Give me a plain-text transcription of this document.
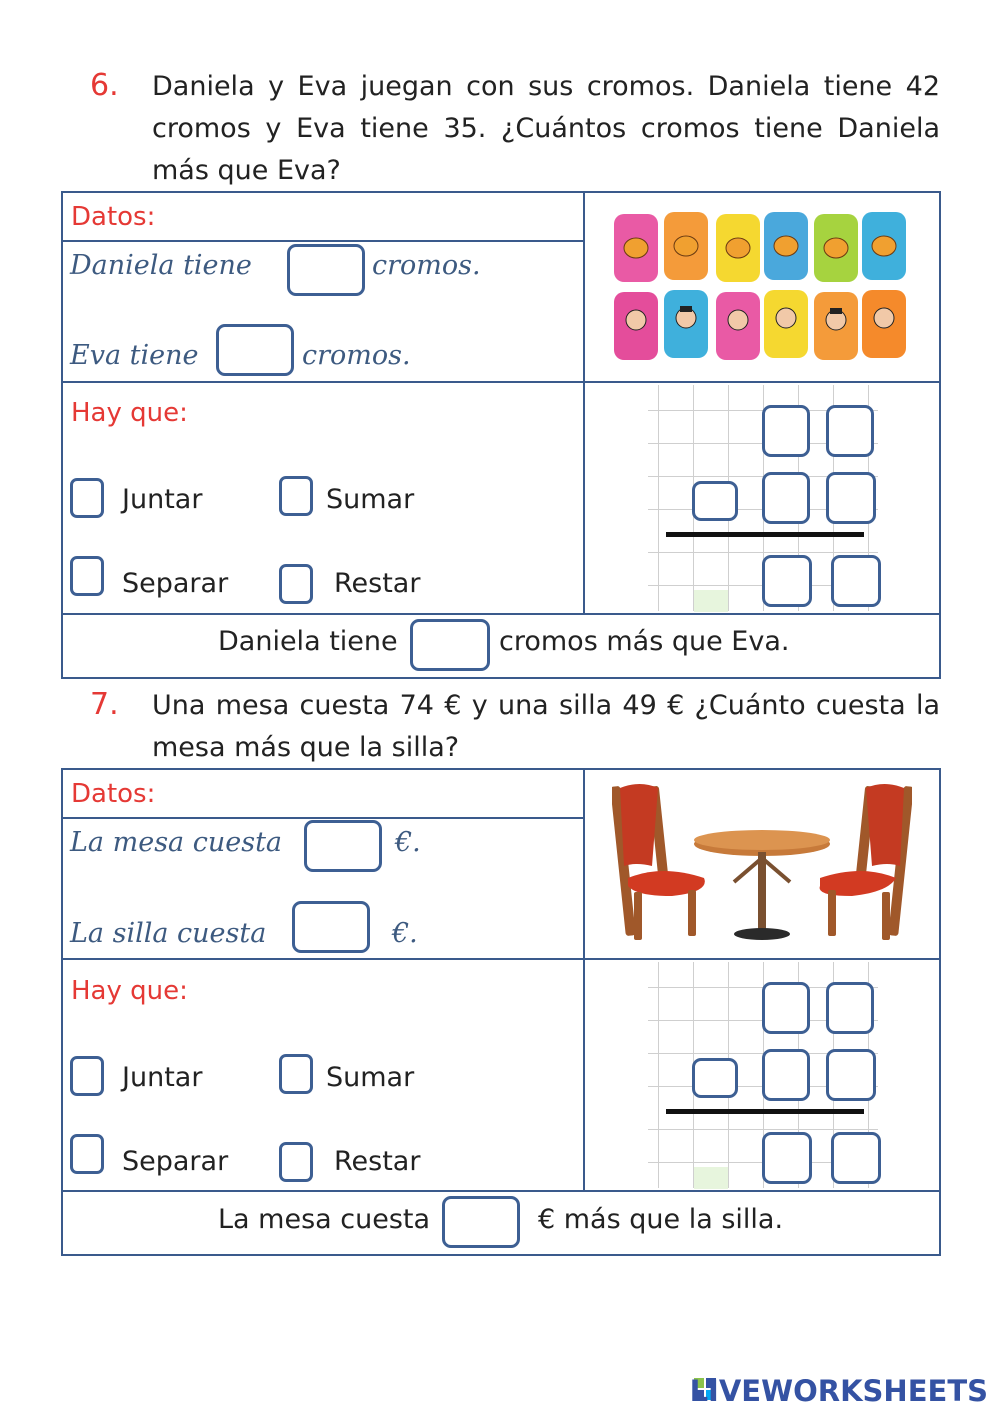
6. Daniela y Eva juegan con sus cromos. Daniela tiene 42
cromos y Eva tiene 35. ¿Cuántos cromos tiene Daniela
más que Eva?
Datos:
Daniela tiene	cromos.
Eva tiene	cromos.
Hay que:
Juntar	Sumar
Separar	Restar
Daniela tiene	cromos más que Eva.
7. Una mesa cuesta 74 € y una silla 49 € ¿Cuánto cuesta la
mesa más que la silla?
Datos:
La mesa cuesta	€.
La silla cuesta	€.
Hay que:
Juntar	Sumar
Separar	Restar
La mesa cuesta	€ más que la silla.
LIVEWORKSHEETS
